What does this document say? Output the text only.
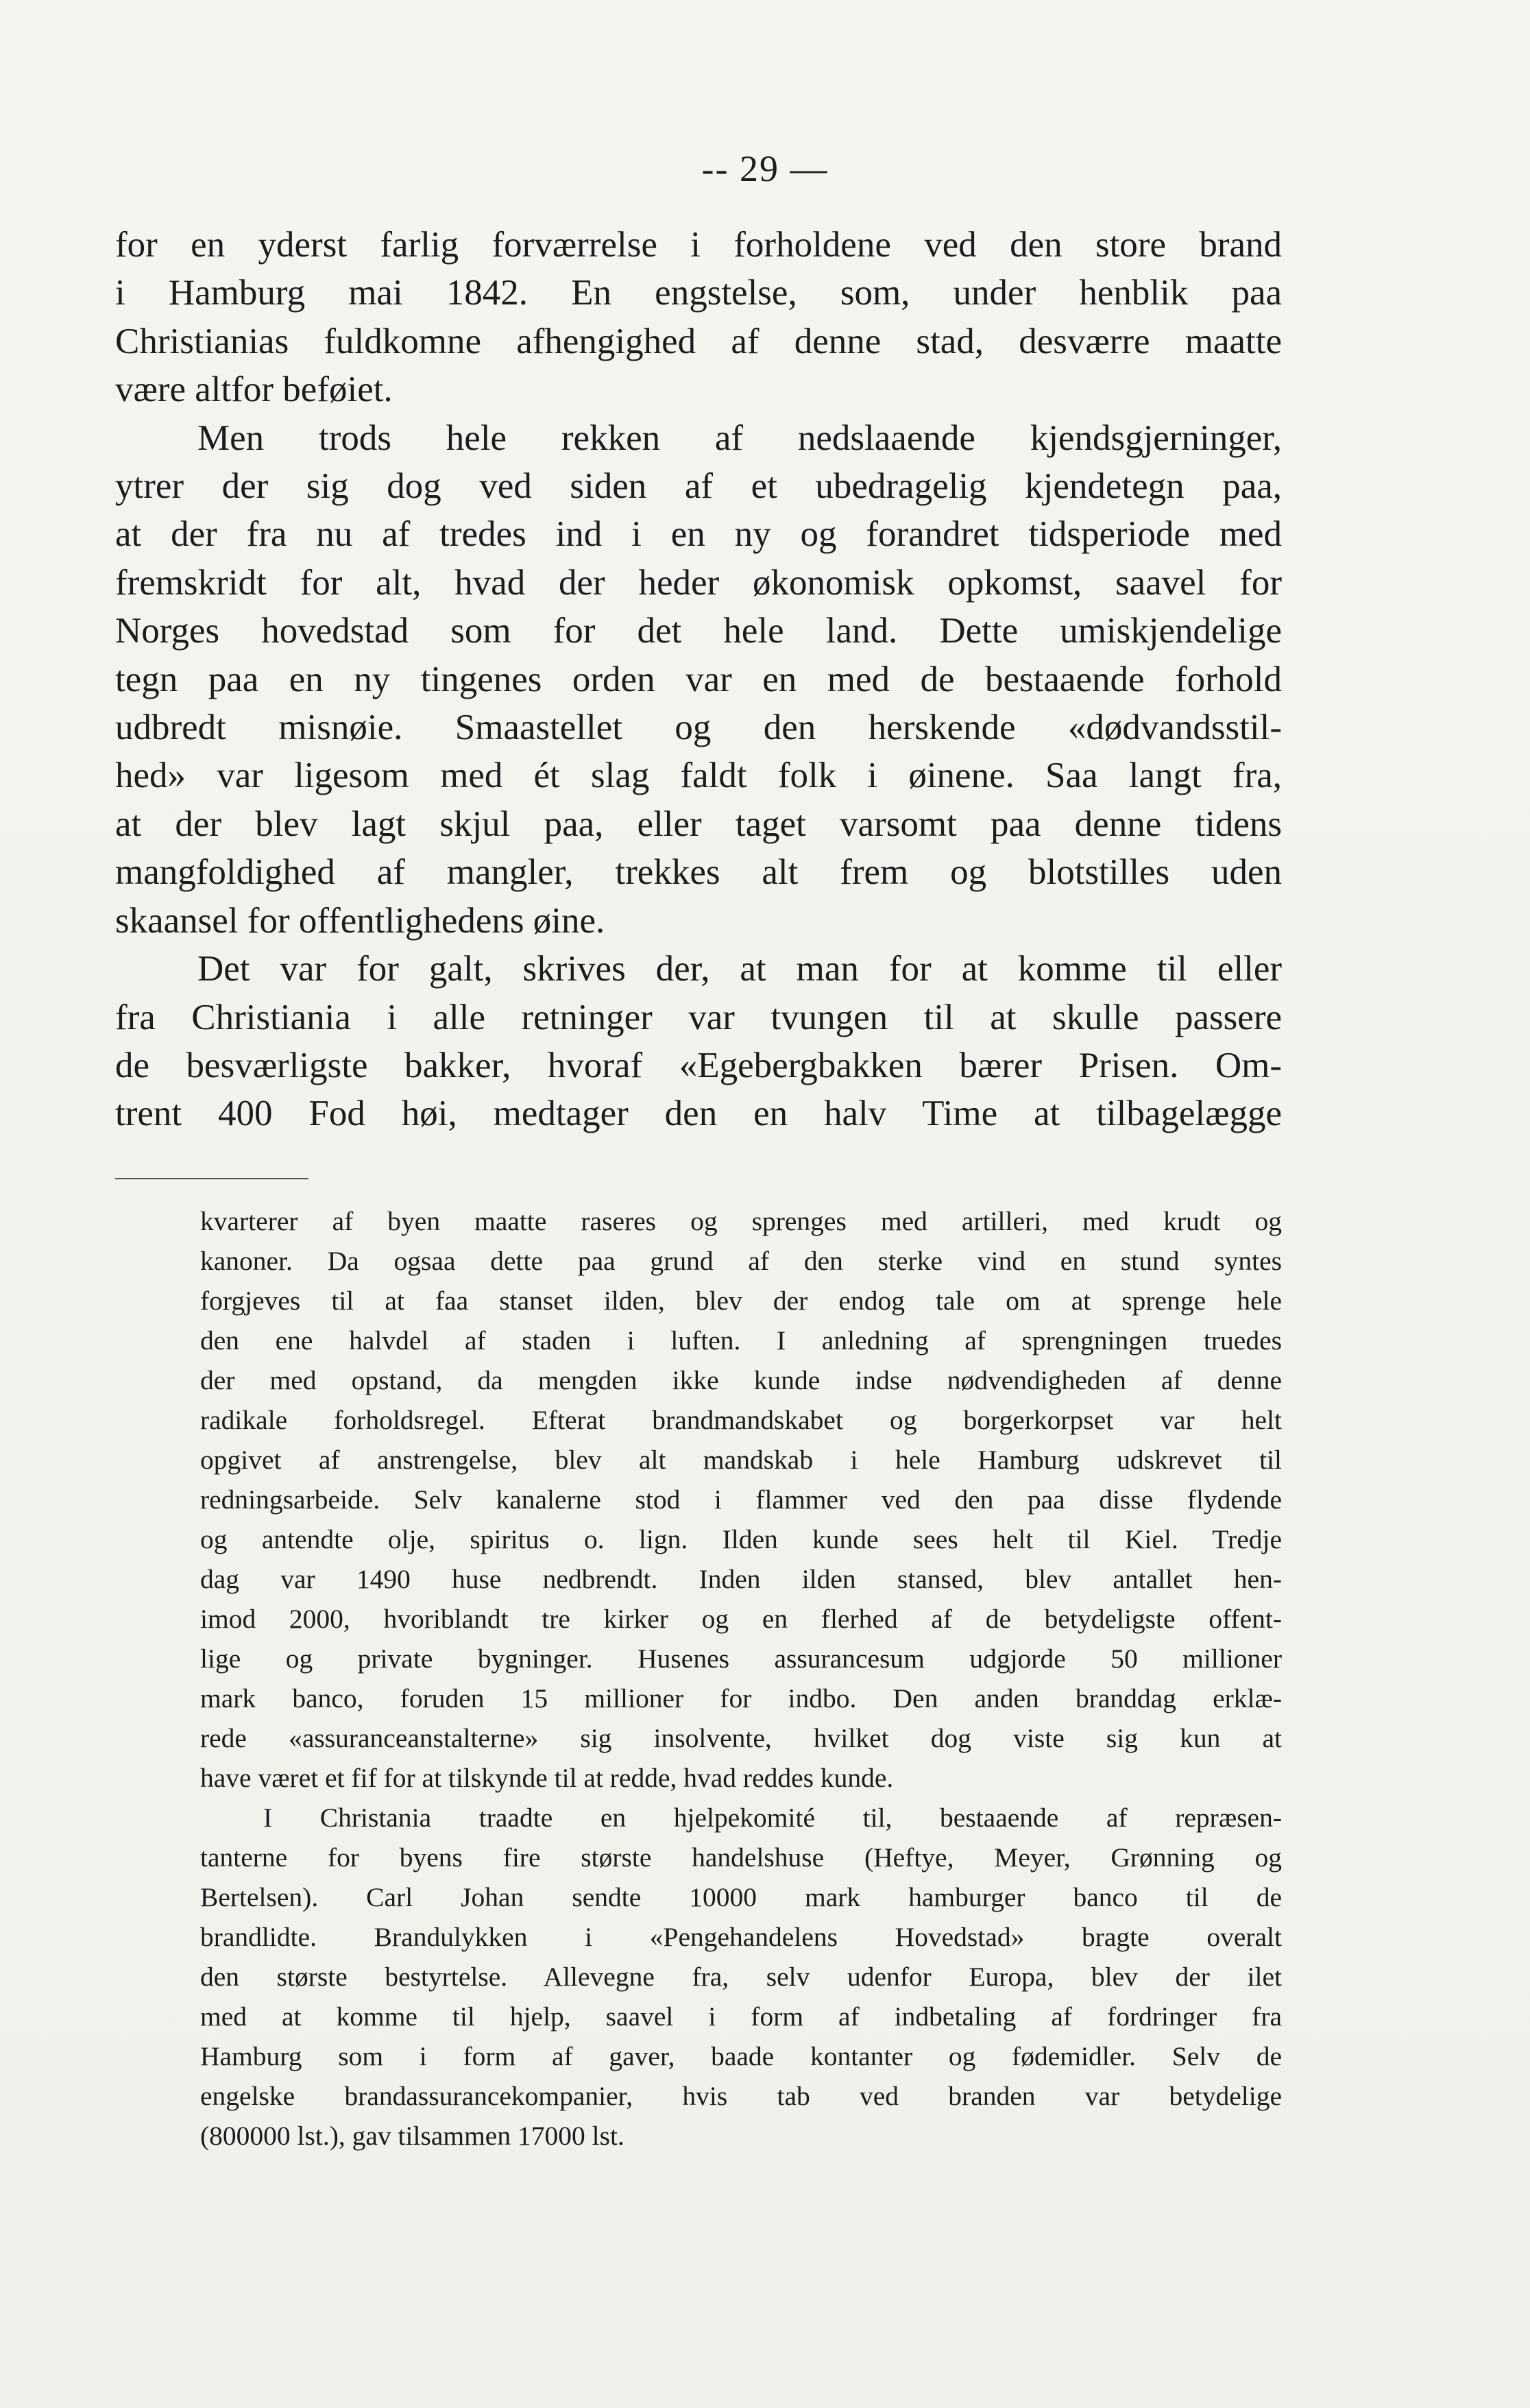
-- 29 —

for en yderst farlig forværrelse i forholdene ved den store brand
i Hamburg mai 1842. En engstelse, som, under henblik paa
Christianias fuldkomne afhengighed af denne stad, desværre maatte
være altfor beføiet.

Men trods hele rekken af nedslaaende kjendsgjerninger,
ytrer der sig dog ved siden af et ubedragelig kjendetegn paa,
at der fra nu af tredes ind i en ny og forandret tidsperiode med
fremskridt for alt, hvad der heder økonomisk opkomst, saavel for
Norges hovedstad som for det hele land. Dette umiskjendelige
tegn paa en ny tingenes orden var en med de bestaaende forhold
udbredt misnøie. Smaastellet og den herskende «dødvandsstil-
hed» var ligesom med ét slag faldt folk i øinene. Saa langt fra,
at der blev lagt skjul paa, eller taget varsomt paa denne tidens
mangfoldighed af mangler, trekkes alt frem og blotstilles uden
skaansel for offentlighedens øine.

Det var for galt, skrives der, at man for at komme til eller
fra Christiania i alle retninger var tvungen til at skulle passere
de besværligste bakker, hvoraf «Egebergbakken bærer Prisen. Om-
trent 400 Fod høi, medtager den en halv Time at tilbagelægge

kvarterer af byen maatte raseres og sprenges med artilleri, med krudt og
kanoner. Da ogsaa dette paa grund af den sterke vind en stund syntes
forgjeves til at faa stanset ilden, blev der endog tale om at sprenge hele
den ene halvdel af staden i luften. I anledning af sprengningen truedes
der med opstand, da mengden ikke kunde indse nødvendigheden af denne
radikale forholdsregel. Efterat brandmandskabet og borgerkorpset var helt
opgivet af anstrengelse, blev alt mandskab i hele Hamburg udskrevet til
redningsarbeide. Selv kanalerne stod i flammer ved den paa disse flydende
og antendte olje, spiritus o. lign. Ilden kunde sees helt til Kiel. Tredje
dag var 1490 huse nedbrendt. Inden ilden stansed, blev antallet hen-
imod 2000, hvoriblandt tre kirker og en flerhed af de betydeligste offent-
lige og private bygninger. Husenes assurancesum udgjorde 50 millioner
mark banco, foruden 15 millioner for indbo. Den anden branddag erklæ-
rede «assuranceanstalterne» sig insolvente, hvilket dog viste sig kun at
have været et fif for at tilskynde til at redde, hvad reddes kunde.

I Christania traadte en hjelpekomité til, bestaaende af repræsen-
tanterne for byens fire største handelshuse (Heftye, Meyer, Grønning og
Bertelsen). Carl Johan sendte 10000 mark hamburger banco til de
brandlidte. Brandulykken i «Pengehandelens Hovedstad» bragte overalt
den største bestyrtelse. Allevegne fra, selv udenfor Europa, blev der ilet
med at komme til hjelp, saavel i form af indbetaling af fordringer fra
Hamburg som i form af gaver, baade kontanter og fødemidler. Selv de
engelske brandassurancekompanier, hvis tab ved branden var betydelige
(800000 lst.), gav tilsammen 17000 lst.
